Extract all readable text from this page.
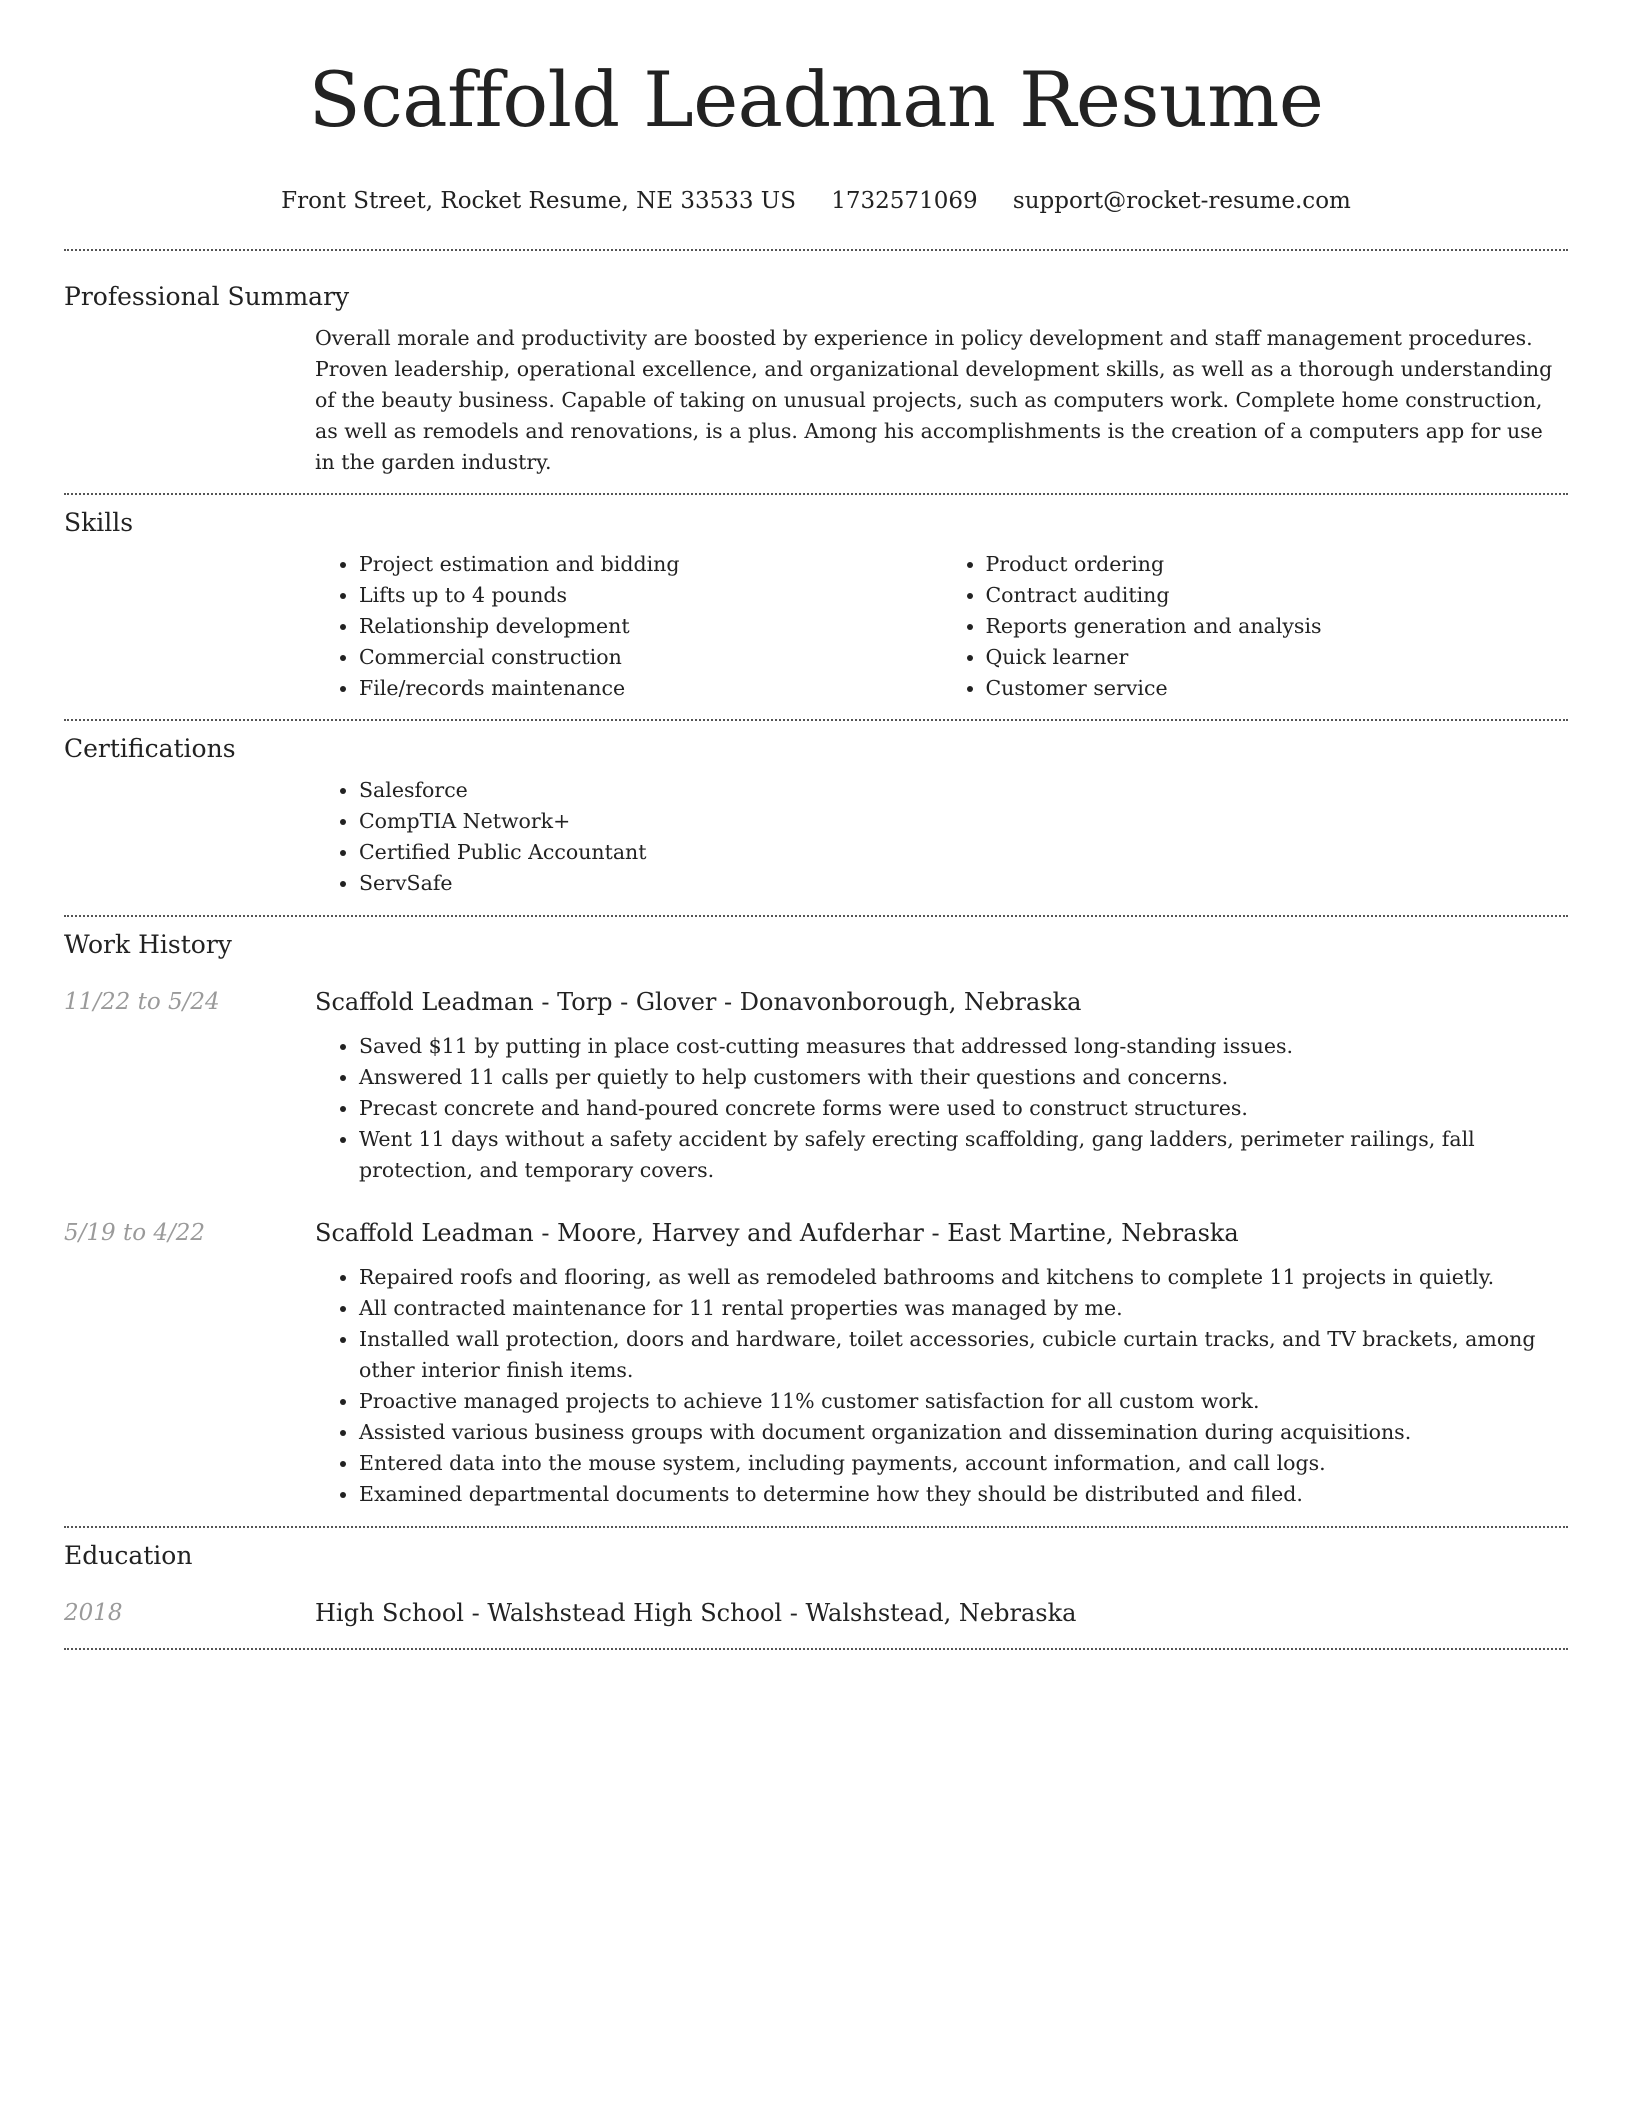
Scaffold Leadman Resume
Front Street, Rocket Resume, NE 33533 US 1732571069 support@rocket-resume.com
Professional Summary

Overall morale and productivity are boosted by experience in policy development and staff management procedures. Proven leadership, operational excellence, and organizational development skills, as well as a thorough understanding of the beauty business. Capable of taking on unusual projects, such as computers work. Complete home construction, as well as remodels and renovations, is a plus. Among his accomplishments is the creation of a computers app for use in the garden industry.

Skills
• Project estimation and bidding
• Lifts up to 4 pounds
• Relationship development
• Commercial construction
• File/records maintenance
• Product ordering
• Contract auditing
• Reports generation and analysis
• Quick learner
• Customer service
Certifications
• Salesforce
• CompTIA Network+
• Certified Public Accountant
• ServSafe
Work History
11/22 to 5/24	Scaffold Leadman - Torp - Glover - Donavonborough, Nebraska
• Saved $11 by putting in place cost-cutting measures that addressed long-standing issues.
• Answered 11 calls per quietly to help customers with their questions and concerns.
• Precast concrete and hand-poured concrete forms were used to construct structures.
• Went 11 days without a safety accident by safely erecting scaffolding, gang ladders, perimeter railings, fall protection, and temporary covers.
5/19 to 4/22	Scaffold Leadman - Moore, Harvey and Aufderhar - East Martine, Nebraska
• Repaired roofs and flooring, as well as remodeled bathrooms and kitchens to complete 11 projects in quietly.
• All contracted maintenance for 11 rental properties was managed by me.
• Installed wall protection, doors and hardware, toilet accessories, cubicle curtain tracks, and TV brackets, among other interior finish items.
• Proactive managed projects to achieve 11% customer satisfaction for all custom work.
• Assisted various business groups with document organization and dissemination during acquisitions.
• Entered data into the mouse system, including payments, account information, and call logs.
• Examined departmental documents to determine how they should be distributed and filed.
Education
2018	High School - Walshstead High School - Walshstead, Nebraska
